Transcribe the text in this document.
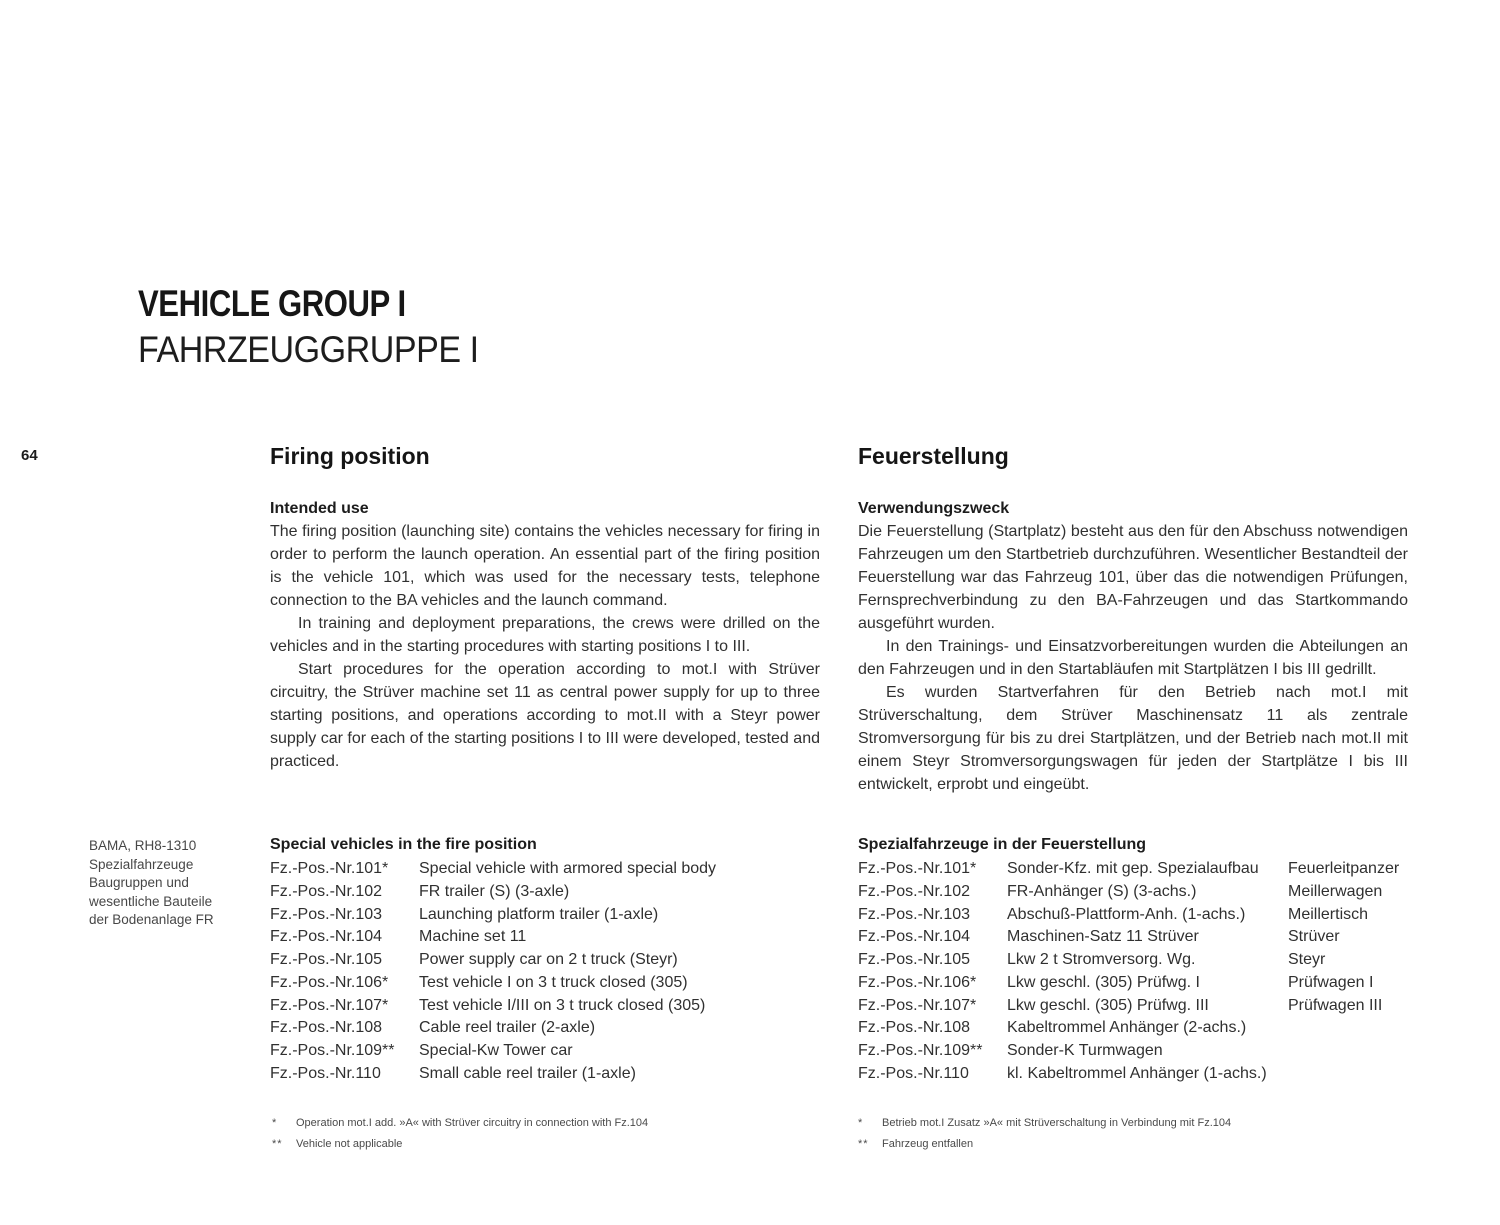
VEHICLE GROUP I
FAHRZEUGGRUPPE I
64
BAMA, RH8-1310
Spezialfahrzeuge
Baugruppen und
wesentliche Bauteile
der Bodenanlage FR
Firing position
Intended use

The firing position (launching site) contains the vehicles necessary for firing in order to perform the launch operation. An essential part of the firing position is the vehicle 101, which was used for the necessary tests, telephone connection to the BA vehicles and the launch command.

In training and deployment preparations, the crews were drilled on the vehicles and in the starting procedures with starting positions I to III.

Start procedures for the operation according to mot.I with Strüver circuitry, the Strüver machine set 11 as central power supply for up to three starting positions, and operations according to mot.II with a Steyr power supply car for each of the starting positions I to III were developed, tested and practiced.

Feuerstellung
Verwendungszweck

Die Feuerstellung (Startplatz) besteht aus den für den Abschuss notwendigen Fahrzeugen um den Startbetrieb durchzuführen. Wesentlicher Bestandteil der Feuerstellung war das Fahrzeug 101, über das die notwendigen Prüfungen, Fernsprechverbindung zu den BA-Fahrzeugen und das Startkommando ausgeführt wurden.

In den Trainings- und Einsatzvorbereitungen wurden die Abteilungen an den Fahrzeugen und in den Startabläufen mit Startplätzen I bis III gedrillt.

Es wurden Startverfahren für den Betrieb nach mot.I mit Strüverschaltung, dem Strüver Maschinensatz 11 als zentrale Stromversorgung für bis zu drei Startplätzen, und der Betrieb nach mot.II mit einem Steyr Stromversorgungswagen für jeden der Startplätze I bis III entwickelt, erprobt und eingeübt.

Special vehicles in the fire position
Fz.-Pos.-Nr.101*	Special vehicle with armored special body
Fz.-Pos.-Nr.102	FR trailer (S) (3-axle)
Fz.-Pos.-Nr.103	Launching platform trailer (1-axle)
Fz.-Pos.-Nr.104	Machine set 11
Fz.-Pos.-Nr.105	Power supply car on 2 t truck (Steyr)
Fz.-Pos.-Nr.106*	Test vehicle I on 3 t truck closed (305)
Fz.-Pos.-Nr.107*	Test vehicle I/III on 3 t truck closed (305)
Fz.-Pos.-Nr.108	Cable reel trailer (2-axle)
Fz.-Pos.-Nr.109**	Special-Kw Tower car
Fz.-Pos.-Nr.110	Small cable reel trailer (1-axle)
Spezialfahrzeuge in der Feuerstellung
Fz.-Pos.-Nr.101*	Sonder-Kfz. mit gep. Spezialaufbau	Feuerleitpanzer
Fz.-Pos.-Nr.102	FR-Anhänger (S) (3-achs.)	Meillerwagen
Fz.-Pos.-Nr.103	Abschuß-Plattform-Anh. (1-achs.)	Meillertisch
Fz.-Pos.-Nr.104	Maschinen-Satz 11 Strüver	Strüver
Fz.-Pos.-Nr.105	Lkw 2 t Stromversorg. Wg.	Steyr
Fz.-Pos.-Nr.106*	Lkw geschl. (305) Prüfwg. I	Prüfwagen I
Fz.-Pos.-Nr.107*	Lkw geschl. (305) Prüfwg. III	Prüfwagen III
Fz.-Pos.-Nr.108	Kabeltrommel Anhänger (2-achs.)
Fz.-Pos.-Nr.109**	Sonder-K Turmwagen
Fz.-Pos.-Nr.110	kl. Kabeltrommel Anhänger (1-achs.)
*	Operation mot.I add. »A« with Strüver circuitry in connection with Fz.104
**	Vehicle not applicable
*	Betrieb mot.I Zusatz »A« mit Strüverschaltung in Verbindung mit Fz.104
**	Fahrzeug entfallen
